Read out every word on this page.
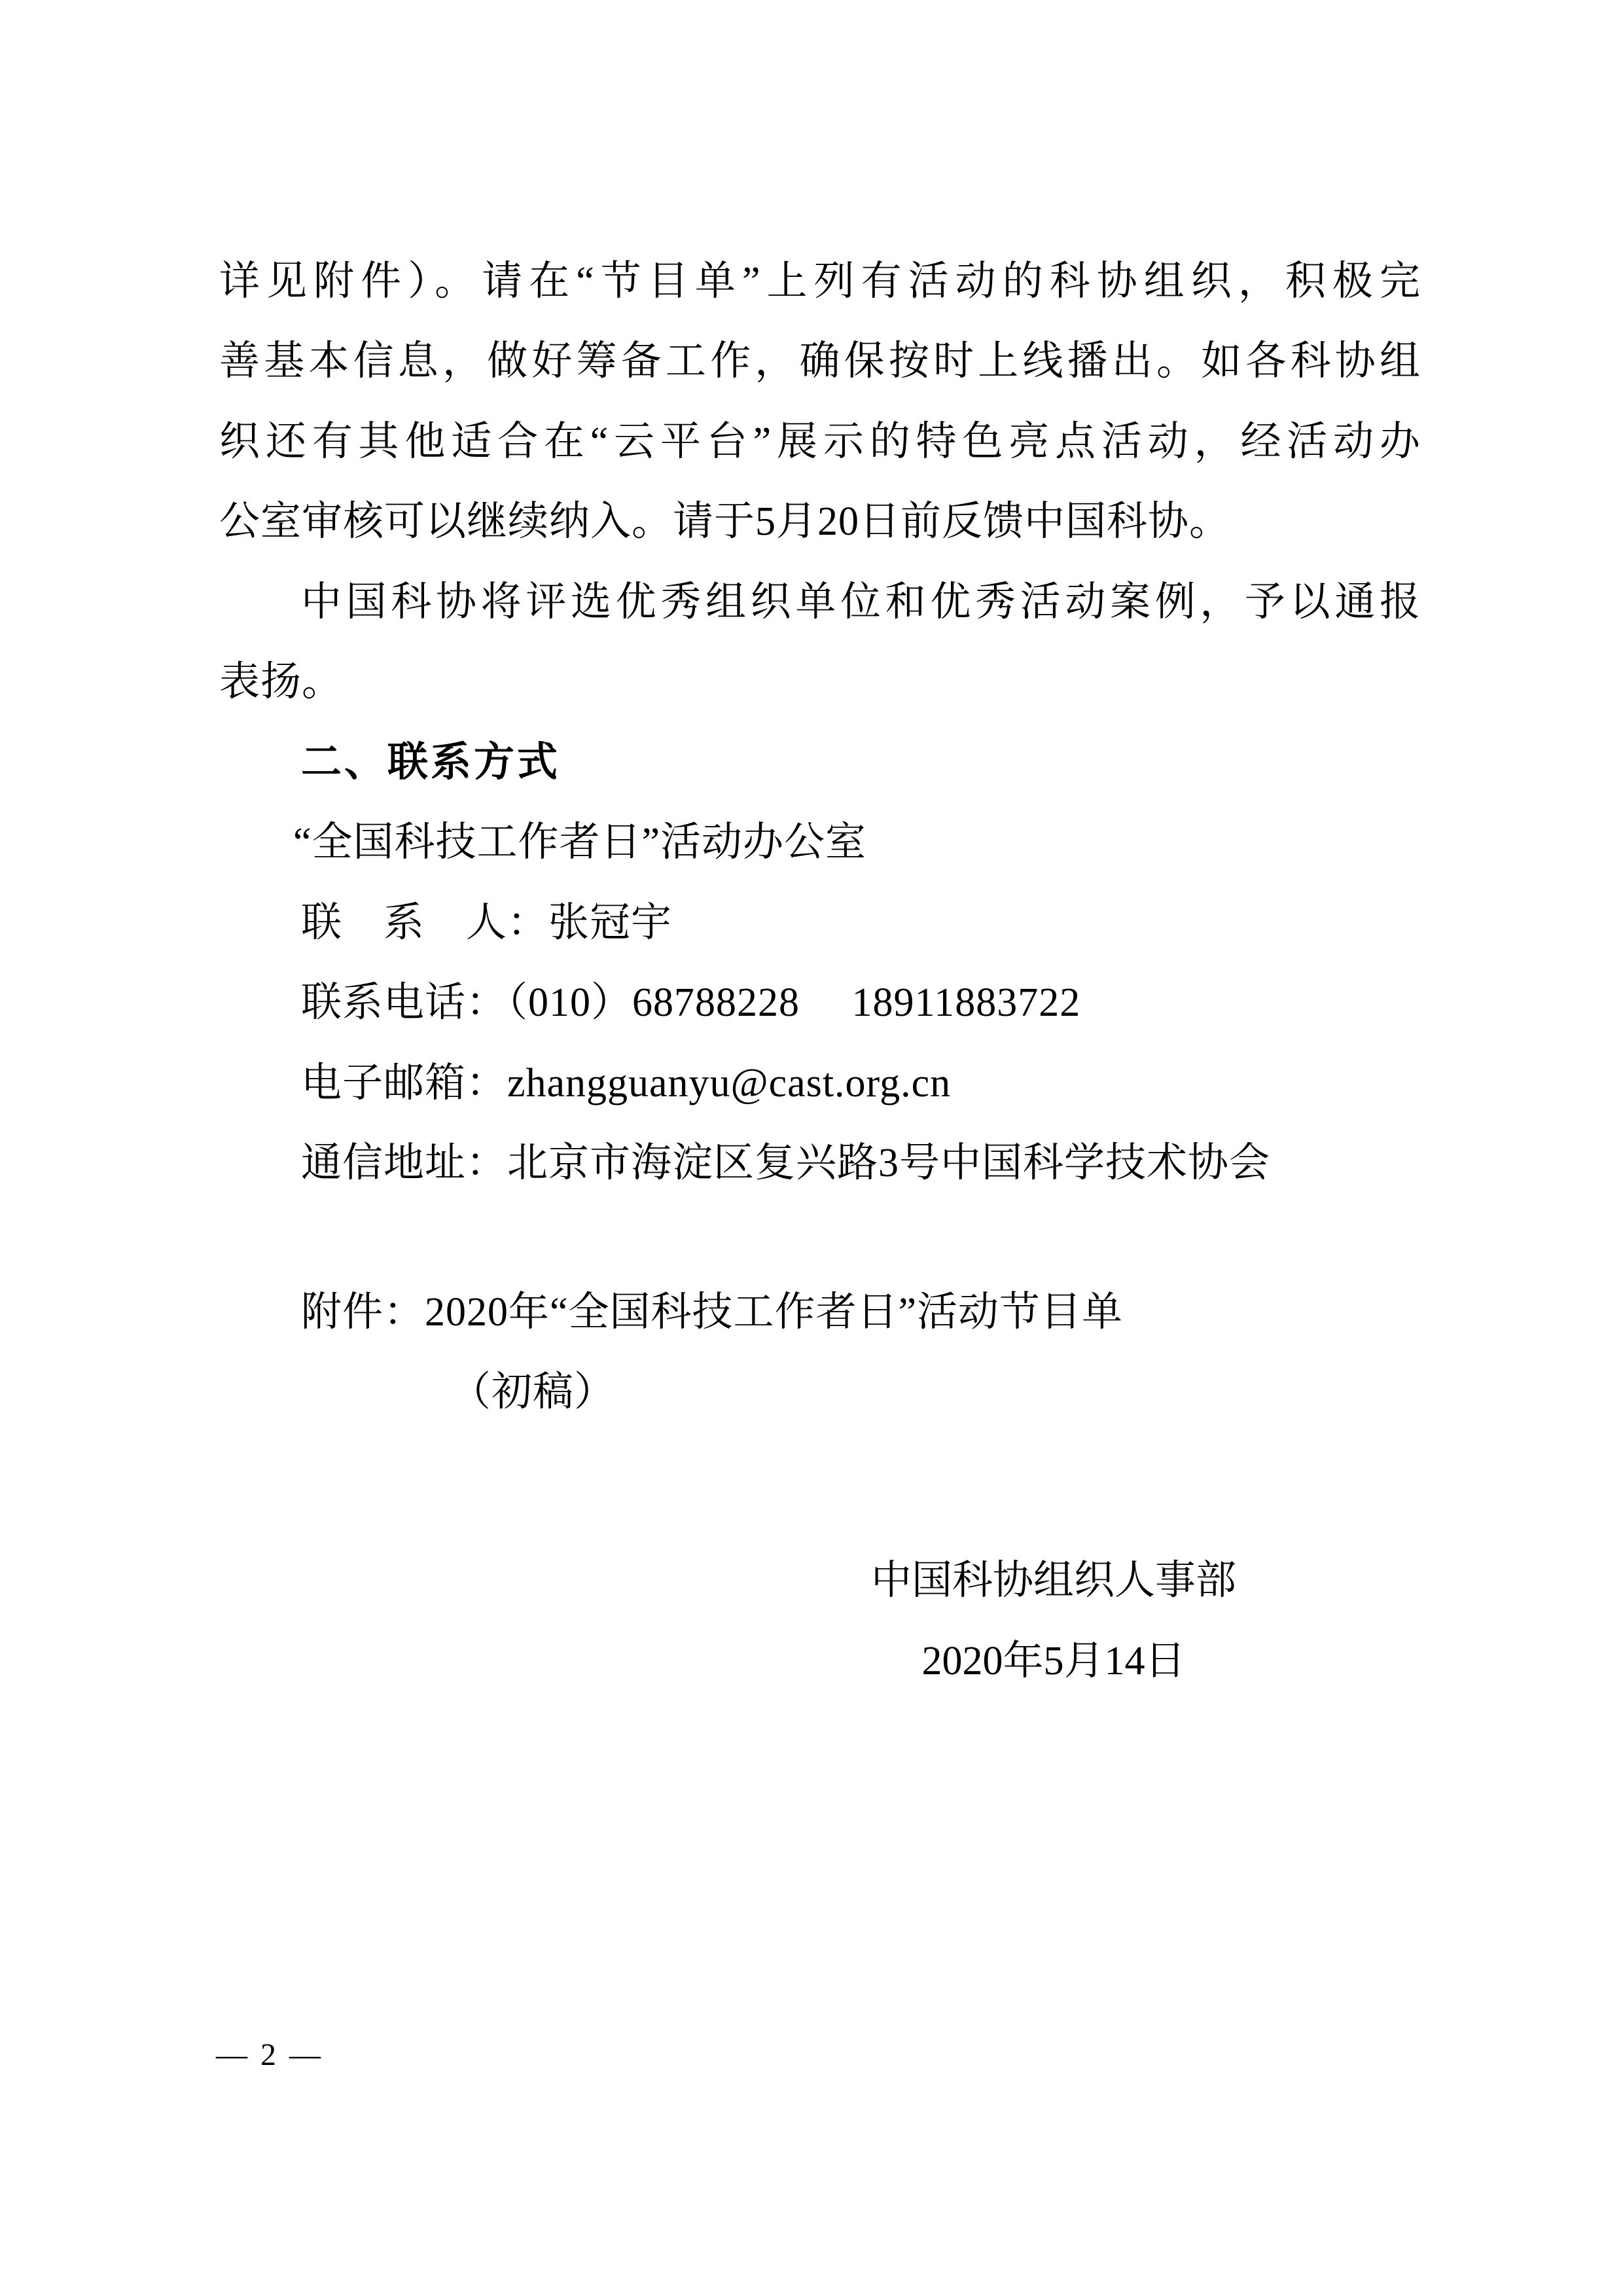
详见附件）。请在“节目单”上列有活动的科协组织，积极完
善基本信息，做好筹备工作，确保按时上线播出。如各科协组
织还有其他适合在“云平台”展示的特色亮点活动，经活动办
公室审核可以继续纳入。请于5月20日前反馈中国科协。
中国科协将评选优秀组织单位和优秀活动案例，予以通报
表扬。
二、联系方式
“全国科技工作者日”活动办公室
联　系　人：张冠宇
联系电话：（010）68788228　 18911883722
电子邮箱：zhangguanyu@cast.org.cn
通信地址：北京市海淀区复兴路3号中国科学技术协会
附件：2020年“全国科技工作者日”活动节目单
（初稿）
中国科协组织人事部
2020年5月14日
— 2 —
